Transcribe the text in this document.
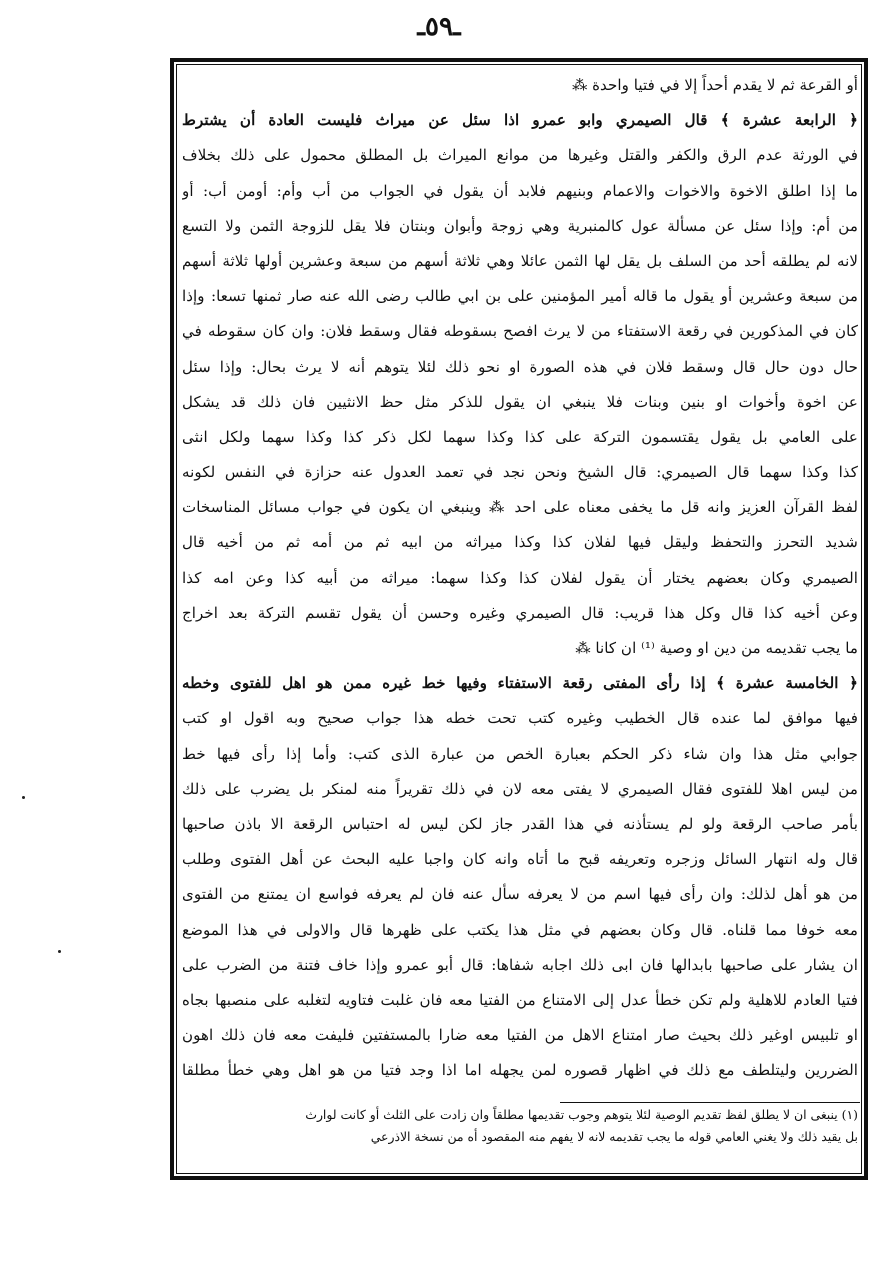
ـ٥٩ـ
أو القرعة ثم لا يقدم أحداً إلا في فتيا واحدة ⁂
﴿ الرابعة عشرة ﴾ قال الصيمري وابو عمرو اذا سئل عن ميراث فليست العادة أن يشترط
في الورثة عدم الرق والكفر والقتل وغيرها من موانع الميراث بل المطلق محمول على ذلك بخلاف
ما إذا اطلق الاخوة والاخوات والاعمام وبنيهم فلابد أن يقول في الجواب من أب وأم: أومن أب: أو
من أم: وإذا سئل عن مسألة عول كالمنبرية وهي زوجة وأبوان وبنتان فلا يقل للزوجة الثمن ولا التسع
لانه لم يطلقه أحد من السلف بل يقل لها الثمن عائلا وهي ثلاثة أسهم من سبعة وعشرين أولها ثلاثة أسهم
من سبعة وعشرين أو يقول ما قاله أمير المؤمنين على بن ابي طالب رضى الله عنه صار ثمنها تسعا: وإذا
كان في المذكورين في رقعة الاستفتاء من لا يرث افصح بسقوطه فقال وسقط فلان: وان كان سقوطه في
حال دون حال قال وسقط فلان في هذه الصورة او نحو ذلك لئلا يتوهم أنه لا يرث بحال: وإذا سئل
عن اخوة وأخوات او بنين وبنات فلا ينبغي ان يقول للذكر مثل حظ الانثيين فان ذلك قد يشكل
على العامي بل يقول يقتسمون التركة على كذا وكذا سهما لكل ذكر كذا وكذا سهما ولكل انثى
كذا وكذا سهما قال الصيمري: قال الشيخ ونحن نجد في تعمد العدول عنه حزازة في النفس لكونه
لفظ القرآن العزيز وانه قل ما يخفى معناه على احد ⁂ وينبغي ان يكون في جواب مسائل المناسخات
شديد التحرز والتحفظ وليقل فيها لفلان كذا وكذا ميراثه من ابيه ثم من أمه ثم من أخيه قال
الصيمري وكان بعضهم يختار أن يقول لفلان كذا وكذا سهما: ميراثه من أبيه كذا وعن امه كذا
وعن أخيه كذا قال وكل هذا قريب: قال الصيمري وغيره وحسن أن يقول تقسم التركة بعد اخراج
ما يجب تقديمه من دين او وصية ⁽¹⁾ ان كانا ⁂
﴿ الخامسة عشرة ﴾ إذا رأى المفتى رقعة الاستفتاء وفيها خط غيره ممن هو اهل للفتوى وخطه
فيها موافق لما عنده قال الخطيب وغيره كتب تحت خطه هذا جواب صحيح وبه اقول او كتب
جوابي مثل هذا وان شاء ذكر الحكم بعبارة الخص من عبارة الذى كتب: وأما إذا رأى فيها خط
من ليس اهلا للفتوى فقال الصيمري لا يفتى معه لان في ذلك تقريراً منه لمنكر بل يضرب على ذلك
بأمر صاحب الرقعة ولو لم يستأذنه في هذا القدر جاز لكن ليس له احتباس الرقعة الا باذن صاحبها
قال وله انتهار السائل وزجره وتعريفه قبح ما أتاه وانه كان واجبا عليه البحث عن أهل الفتوى وطلب
من هو أهل لذلك: وان رأى فيها اسم من لا يعرفه سأل عنه فان لم يعرفه فواسع ان يمتنع من الفتوى
معه خوفا مما قلناه. قال وكان بعضهم في مثل هذا يكتب على ظهرها قال والاولى في هذا الموضع
ان يشار على صاحبها بابدالها فان ابى ذلك اجابه شفاها: قال أبو عمرو وإذا خاف فتنة من الضرب على
فتيا العادم للاهلية ولم تكن خطأ عدل إلى الامتناع من الفتيا معه فان غلبت فتاويه لتغلبه على منصبها بجاه
او تلبيس اوغير ذلك بحيث صار امتناع الاهل من الفتيا معه ضارا بالمستفتين فليفت معه فان ذلك اهون
الضررين وليتلطف مع ذلك في اظهار قصوره لمن يجهله اما اذا وجد فتيا من هو اهل وهي خطأ مطلقا
(١) ينبغى ان لا يطلق لفظ تقديم الوصية لئلا يتوهم وجوب تقديمها مطلقاً وان زادت على الثلث أو كانت لوارث
بل يقيد ذلك ولا يغني العامي قوله ما يجب تقديمه لانه لا يفهم منه المقصود أه من نسخة الاذرعي
